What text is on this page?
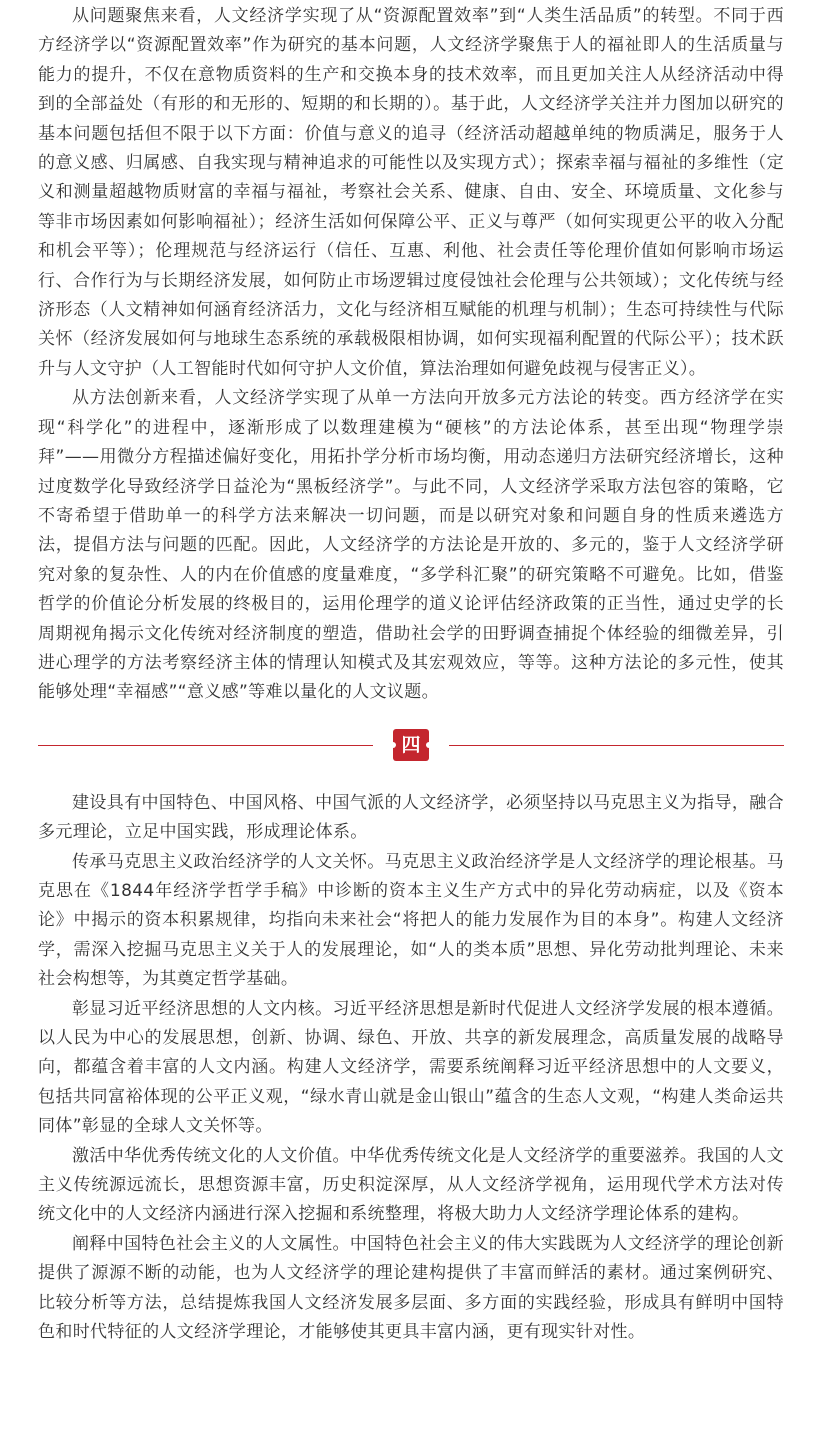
从问题聚焦来看，人文经济学实现了从“资源配置效率”到“人类生活品质”的转型。不同于西方经济学以“资源配置效率”作为研究的基本问题，人文经济学聚焦于人的福祉即人的生活质量与能力的提升，不仅在意物质资料的生产和交换本身的技术效率，而且更加关注人从经济活动中得到的全部益处（有形的和无形的、短期的和长期的）。基于此，人文经济学关注并力图加以研究的基本问题包括但不限于以下方面：价值与意义的追寻（经济活动超越单纯的物质满足，服务于人的意义感、归属感、自我实现与精神追求的可能性以及实现方式）；探索幸福与福祉的多维性（定义和测量超越物质财富的幸福与福祉，考察社会关系、健康、自由、安全、环境质量、文化参与等非市场因素如何影响福祉）；经济生活如何保障公平、正义与尊严（如何实现更公平的收入分配和机会平等）；伦理规范与经济运行（信任、互惠、利他、社会责任等伦理价值如何影响市场运行、合作行为与长期经济发展，如何防止市场逻辑过度侵蚀社会伦理与公共领域）；文化传统与经济形态（人文精神如何涵育经济活力，文化与经济相互赋能的机理与机制）；生态可持续性与代际关怀（经济发展如何与地球生态系统的承载极限相协调，如何实现福利配置的代际公平）；技术跃升与人文守护（人工智能时代如何守护人文价值，算法治理如何避免歧视与侵害正义）。

从方法创新来看，人文经济学实现了从单一方法向开放多元方法论的转变。西方经济学在实现“科学化”的进程中，逐渐形成了以数理建模为“硬核”的方法论体系，甚至出现“物理学崇拜”——用微分方程描述偏好变化，用拓扑学分析市场均衡，用动态递归方法研究经济增长，这种过度数学化导致经济学日益沦为“黑板经济学”。与此不同，人文经济学采取方法包容的策略，它不寄希望于借助单一的科学方法来解决一切问题，而是以研究对象和问题自身的性质来遴选方法，提倡方法与问题的匹配。因此，人文经济学的方法论是开放的、多元的，鉴于人文经济学研究对象的复杂性、人的内在价值感的度量难度，“多学科汇聚”的研究策略不可避免。比如，借鉴哲学的价值论分析发展的终极目的，运用伦理学的道义论评估经济政策的正当性，通过史学的长周期视角揭示文化传统对经济制度的塑造，借助社会学的田野调查捕捉个体经验的细微差异，引进心理学的方法考察经济主体的情理认知模式及其宏观效应，等等。这种方法论的多元性，使其能够处理“幸福感”“意义感”等难以量化的人文议题。

四

建设具有中国特色、中国风格、中国气派的人文经济学，必须坚持以马克思主义为指导，融合多元理论，立足中国实践，形成理论体系。

传承马克思主义政治经济学的人文关怀。马克思主义政治经济学是人文经济学的理论根基。马克思在《1844年经济学哲学手稿》中诊断的资本主义生产方式中的异化劳动病症，以及《资本论》中揭示的资本积累规律，均指向未来社会“将把人的能力发展作为目的本身”。构建人文经济学，需深入挖掘马克思主义关于人的发展理论，如“人的类本质”思想、异化劳动批判理论、未来社会构想等，为其奠定哲学基础。

彰显习近平经济思想的人文内核。习近平经济思想是新时代促进人文经济学发展的根本遵循。以人民为中心的发展思想，创新、协调、绿色、开放、共享的新发展理念，高质量发展的战略导向，都蕴含着丰富的人文内涵。构建人文经济学，需要系统阐释习近平经济思想中的人文要义，包括共同富裕体现的公平正义观，“绿水青山就是金山银山”蕴含的生态人文观，“构建人类命运共同体”彰显的全球人文关怀等。

激活中华优秀传统文化的人文价值。中华优秀传统文化是人文经济学的重要滋养。我国的人文主义传统源远流长，思想资源丰富，历史积淀深厚，从人文经济学视角，运用现代学术方法对传统文化中的人文经济内涵进行深入挖掘和系统整理，将极大助力人文经济学理论体系的建构。

阐释中国特色社会主义的人文属性。中国特色社会主义的伟大实践既为人文经济学的理论创新提供了源源不断的动能，也为人文经济学的理论建构提供了丰富而鲜活的素材。通过案例研究、比较分析等方法，总结提炼我国人文经济发展多层面、多方面的实践经验，形成具有鲜明中国特色和时代特征的人文经济学理论，才能够使其更具丰富内涵，更有现实针对性。
